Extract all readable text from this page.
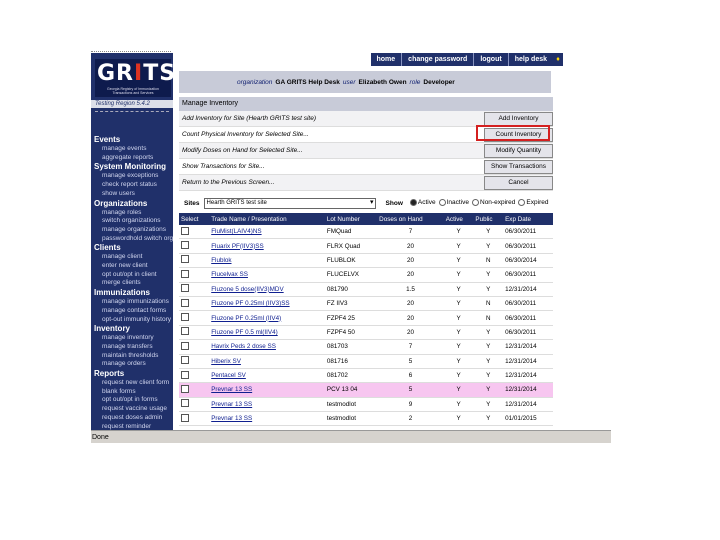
GRITS
Georgia Registry of Immunization Transactions and Services
Testing Region 5.4.2
Events
manage events
aggregate reports
System Monitoring
manage exceptions
check report status
show users
Organizations
manage roles
switch organizations
manage organizations
passwordhold switch org
Clients
manage client
enter new client
opt out/opt in client
merge clients
Immunizations
manage immunizations
manage contact forms
opt-out immunity history
Inventory
manage inventory
manage transfers
maintain thresholds
manage orders
Reports
request new client form
blank forms
opt out/opt in forms
request vaccine usage
request doses admin
request reminder
home	change password	logout	help desk	♦
organization GA GRITS Help Desk user Elizabeth Owen role Developer
Manage Inventory
Add Inventory for Site (Hearth GRITS test site)	Add Inventory
Count Physical Inventory for Selected Site...	Count Inventory
Modify Doses on Hand for Selected Site...	Modify Quantity
Show Transactions for Site...	Show Transactions
Return to the Previous Screen...	Cancel
Sites	Hearth GRITS test site ▾	Show	Active Inactive Non-expired Expired
Select	Trade Name / Presentation	Lot Number	Doses on Hand	Active	Public	Exp Date
	FluMist(LAIV4)NS	FMQuad	7	Y	Y	06/30/2011
	Fluarix PF(IIV3)SS	FLRX Quad	20	Y	Y	06/30/2011
	Flublok	FLUBLOK	20	Y	N	06/30/2014
	Flucelvax SS	FLUCELVX	20	Y	Y	06/30/2011
	Fluzone 5 dose(IIV3)MDV	081790	1.5	Y	Y	12/31/2014
	Fluzone PF 0.25ml (IIV3)SS	FZ IIV3	20	Y	N	06/30/2011
	Fluzone PF 0.25ml (IIV4)	FZPF4 25	20	Y	N	06/30/2011
	Fluzone PF 0.5 ml(IIV4)	FZPF4 50	20	Y	Y	06/30/2011
	Havrix Peds 2 dose SS	081703	7	Y	Y	12/31/2014
	Hiberix SV	081716	5	Y	Y	12/31/2014
	Pentacel SV	081702	6	Y	Y	12/31/2014
	Prevnar 13 SS	PCV 13 04	5	Y	Y	12/31/2014
	Prevnar 13 SS	testmodlot	9	Y	Y	12/31/2014
	Prevnar 13 SS	testmodlot	2	Y	Y	01/01/2015
Done
